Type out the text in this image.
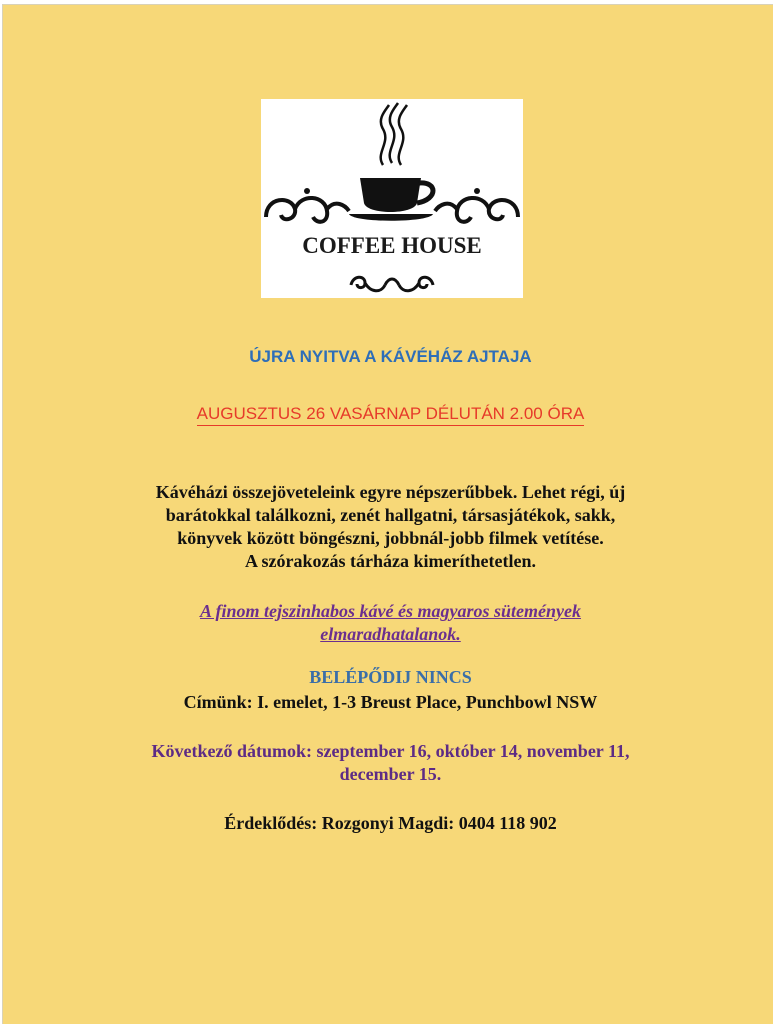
COFFEE HOUSE
ÚJRA NYITVA A KÁVÉHÁZ AJTAJA
AUGUSZTUS 26 VASÁRNAP DÉLUTÁN 2.00 ÓRA
Kávéházi összejöveteleink egyre népszerűbbek. Lehet régi, új
barátokkal találkozni, zenét hallgatni, társasjátékok, sakk,
könyvek között böngészni, jobbnál-jobb filmek vetítése.
A szórakozás tárháza kimeríthetetlen.
A finom tejszinhabos kávé és magyaros sütemények
elmaradhatalanok.
BELÉPŐDIJ NINCS
Címünk: I. emelet, 1-3 Breust Place, Punchbowl NSW
Következő dátumok: szeptember 16, október 14, november 11,
december 15.
Érdeklődés: Rozgonyi Magdi: 0404 118 902
